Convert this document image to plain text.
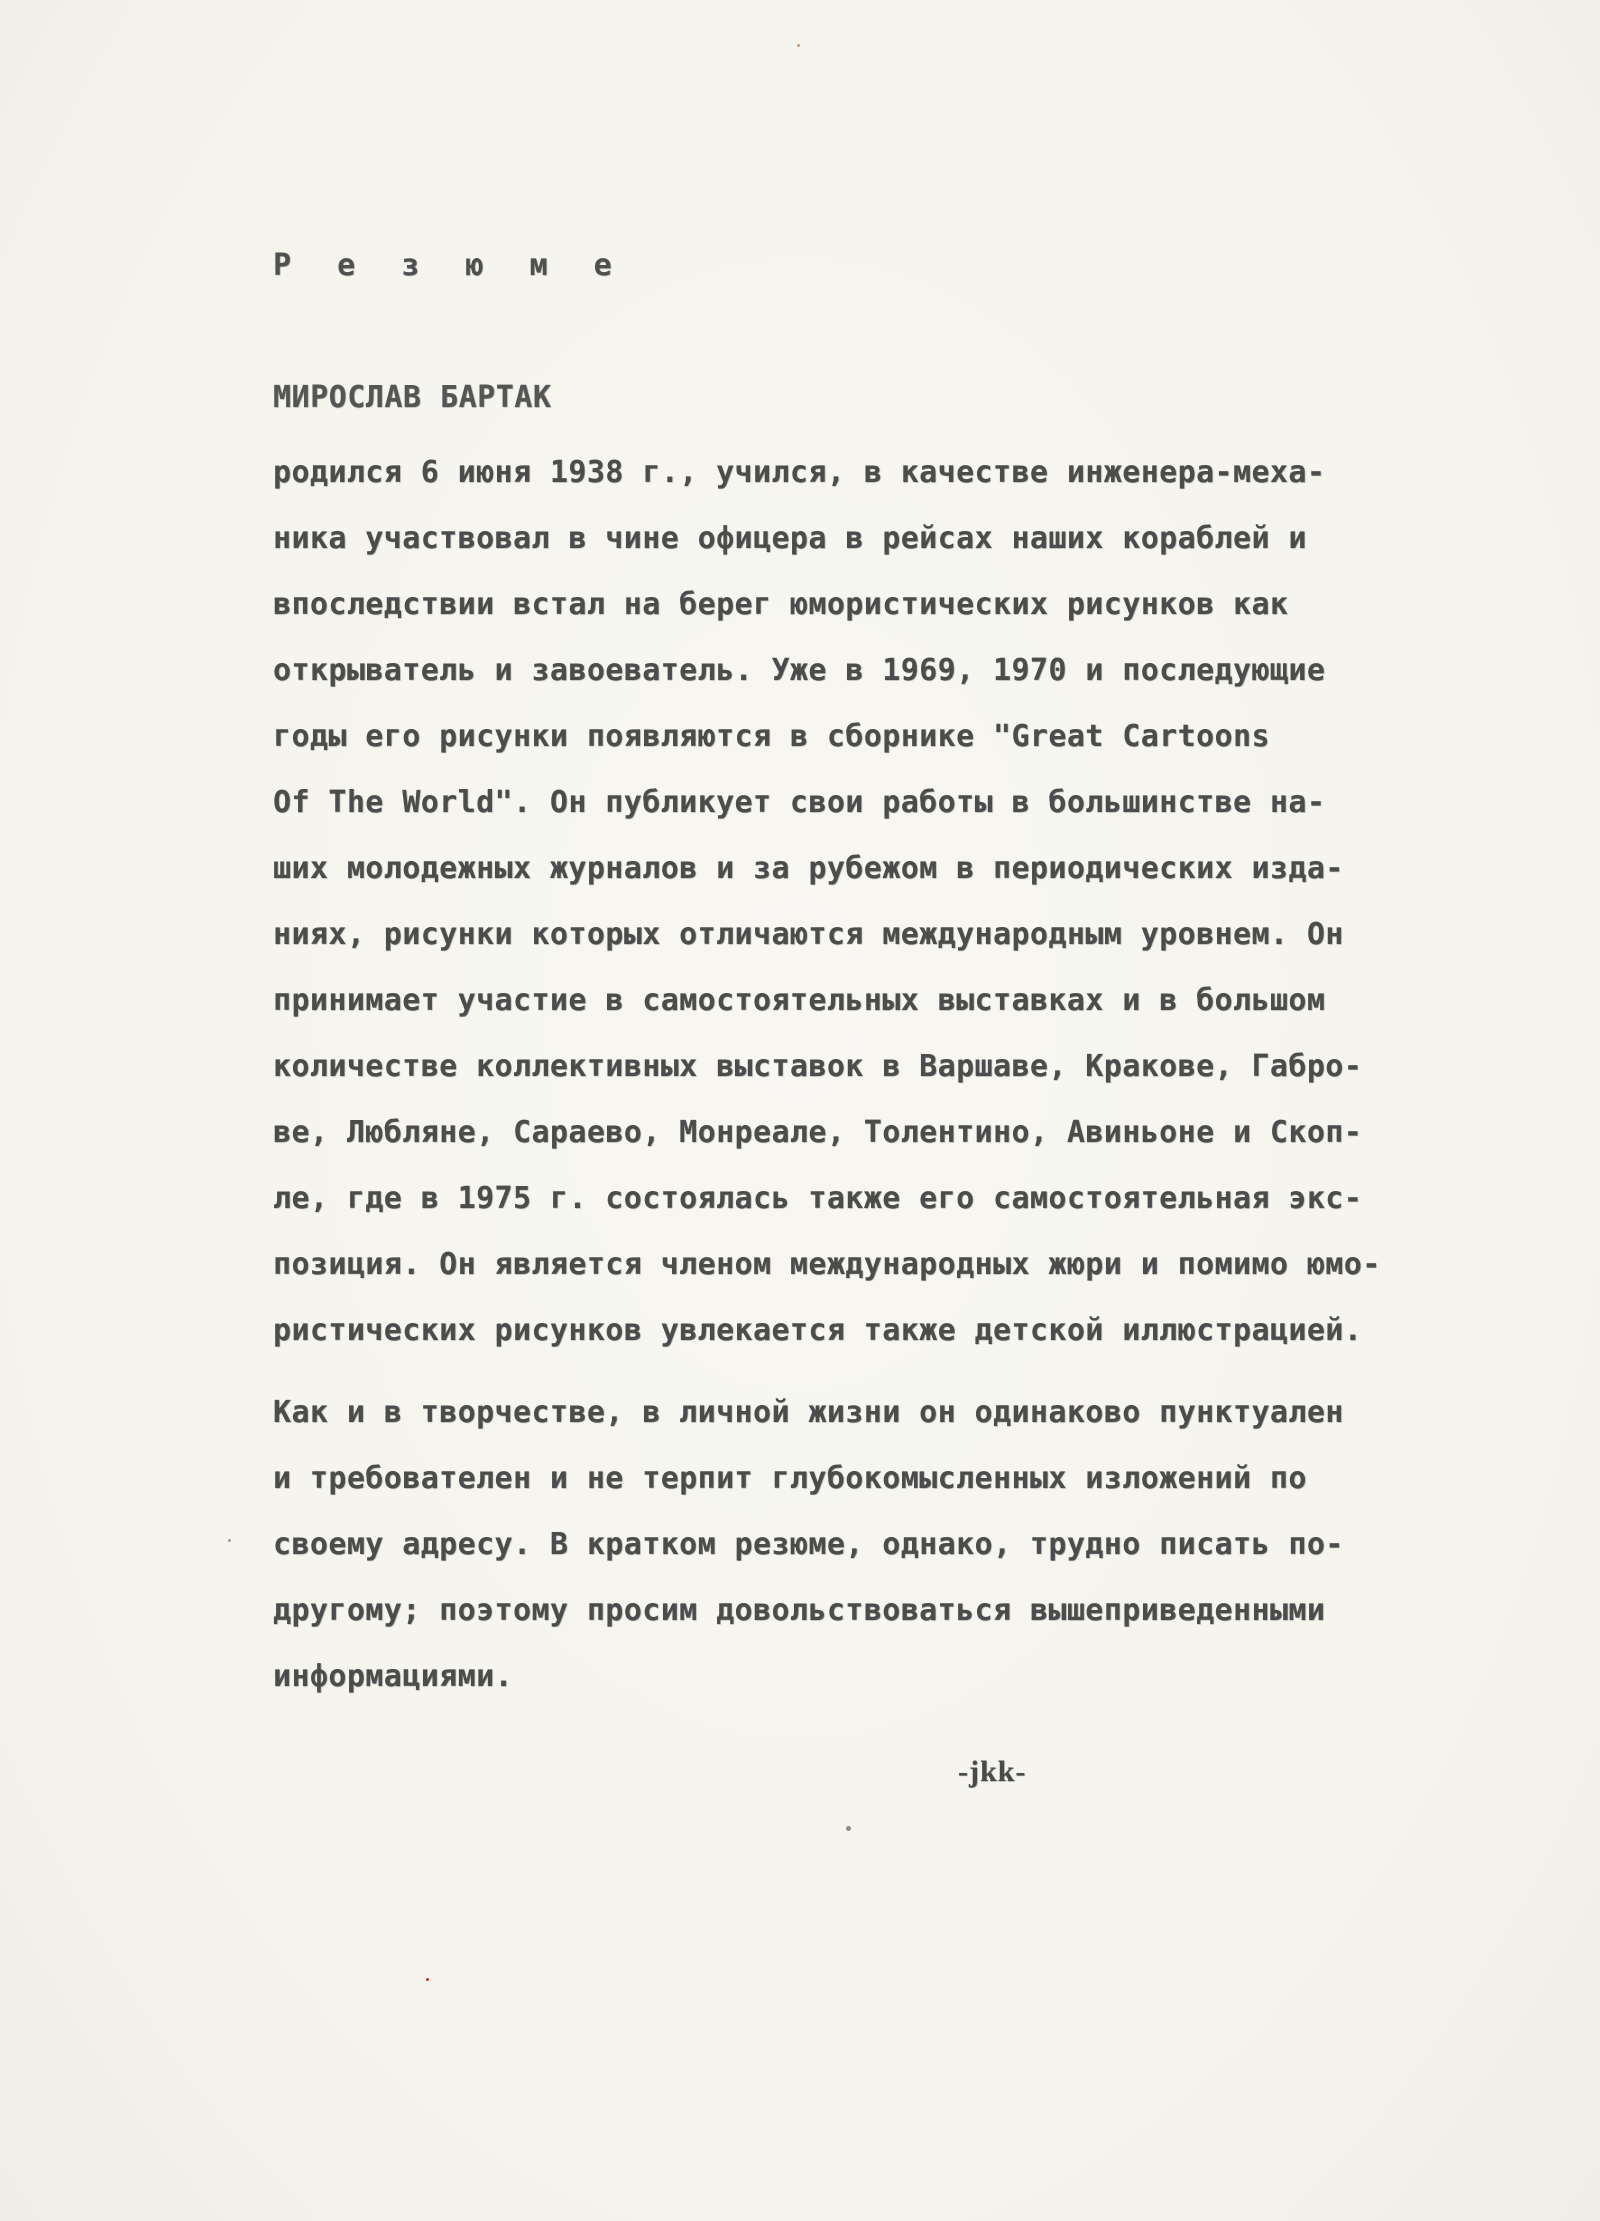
Р е з ю м е
МИРОСЛАВ БАРТАК
родился 6 июня 1938 г., учился, в качестве инженера-меха-
ника участвовал в чине офицера в рейсах наших кораблей и
впоследствии встал на берег юмористических рисунков как
открыватель и завоеватель. Уже в 1969, 1970 и последующие
годы его рисунки появляются в сборнике "Great Cartoons
Of The World". Он публикует свои работы в большинстве на-
ших молодежных журналов и за рубежом в периодических изда-
ниях, рисунки которых отличаются международным уровнем. Он
принимает участие в самостоятельных выставках и в большом
количестве коллективных выставок в Варшаве, Кракове, Габро-
ве, Любляне, Сараево, Монреале, Толентино, Авиньоне и Скоп-
ле, где в 1975 г. состоялась также его самостоятельная экс-
позиция. Он является членом международных жюри и помимо юмо-
ристических рисунков увлекается также детской иллюстрацией.
Как и в творчестве, в личной жизни он одинаково пунктуален
и требователен и не терпит глубокомысленных изложений по
своему адресу. В кратком резюме, однако, трудно писать по-
другому; поэтому просим довольствоваться вышеприведенными
информациями.
-jkk-
